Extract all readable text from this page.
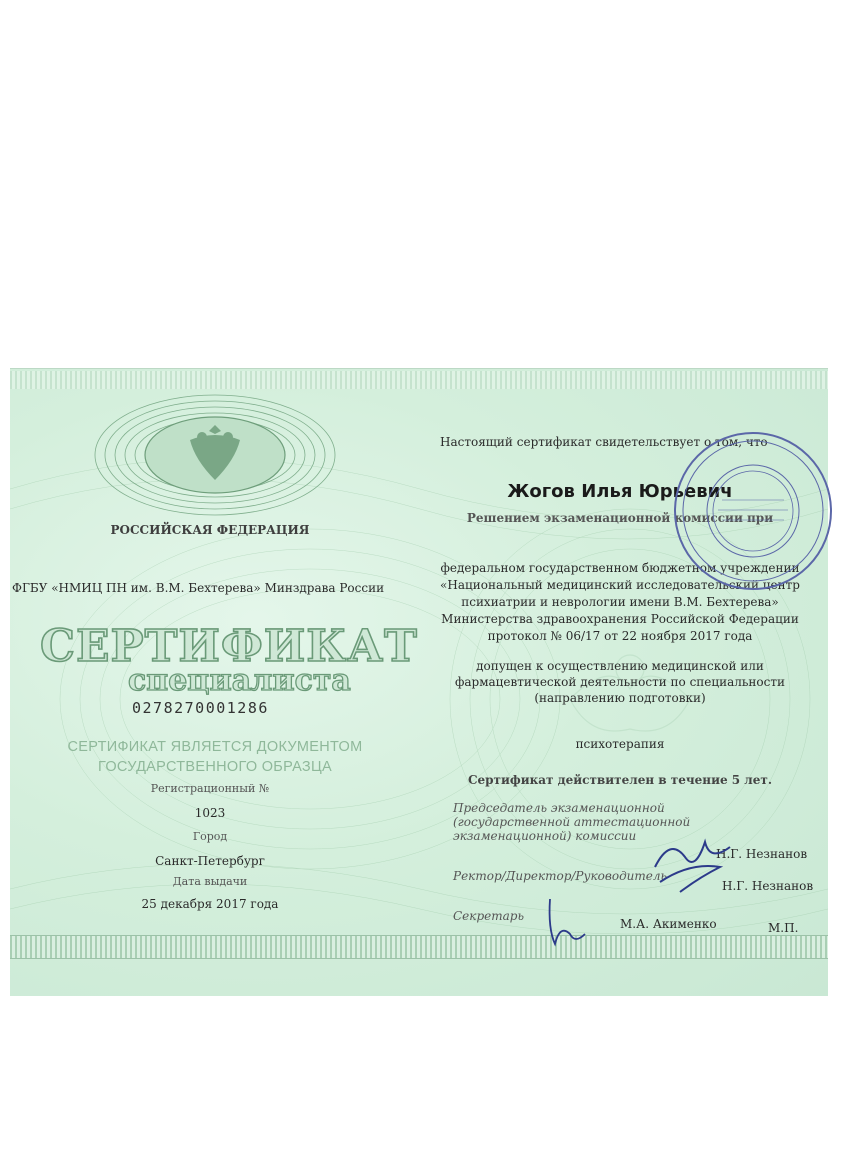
РОССИЙСКАЯ ФЕДЕРАЦИЯ
ФГБУ «НМИЦ ПН им. В.М. Бехтерева» Минздрава России
СЕРТИФИКАТ
специалиста
0278270001286
СЕРТИФИКАТ ЯВЛЯЕТСЯ ДОКУМЕНТОМ
ГОСУДАРСТВЕННОГО ОБРАЗЦА
Регистрационный №
1023
Город
Санкт-Петербург
Дата выдачи
25 декабря 2017 года
Настоящий сертификат свидетельствует о том, что
Жогов Илья Юрьевич
Решением экзаменационной комиссии при
федеральном государственном бюджетном учреждении
«Национальный медицинский исследовательский центр
психиатрии и неврологии имени В.М. Бехтерева»
Министерства здравоохранения Российской Федерации
протокол № 06/17 от 22 ноября 2017 года
допущен к осуществлению медицинской или
фармацевтической деятельности по специальности
(направлению подготовки)
психотерапия
Сертификат действителен в течение 5 лет.
Председатель экзаменационной
(государственной аттестационной
экзаменационной) комиссии
Н.Г. Незнанов
Ректор/Директор/Руководитель
Н.Г. Незнанов
Секретарь
М.А. Акименко	М.П.
